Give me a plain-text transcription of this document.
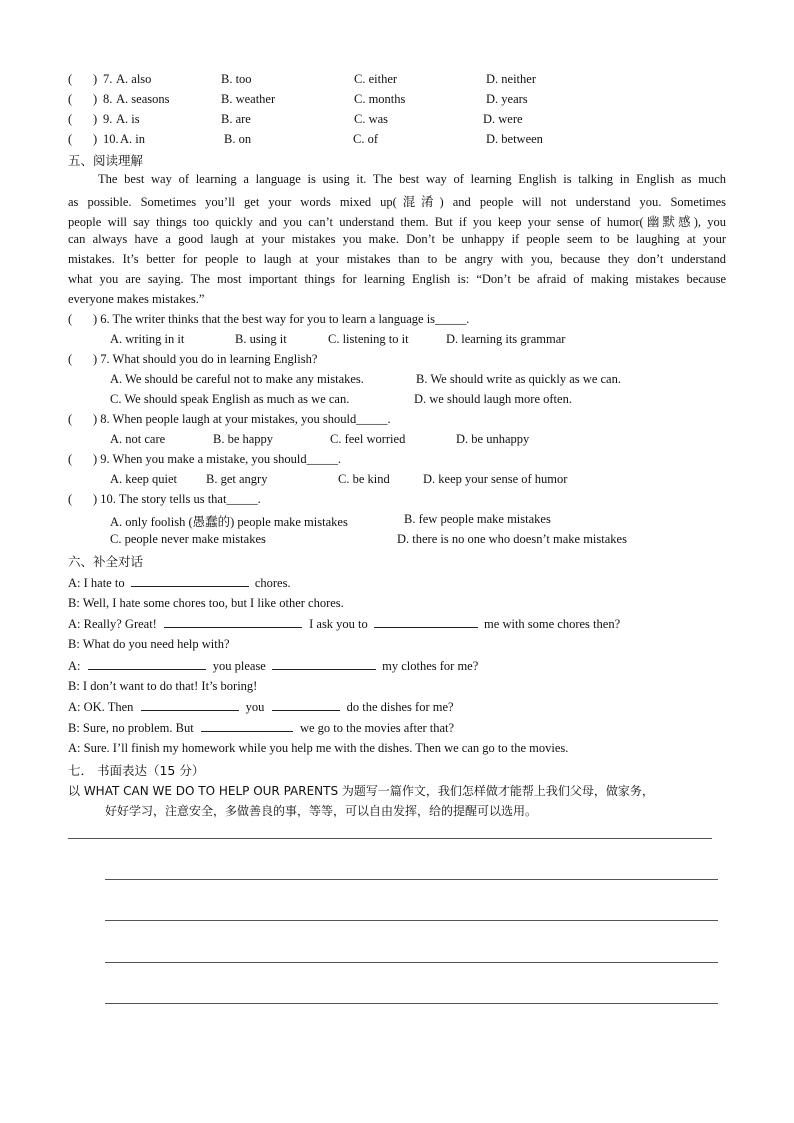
( ) 7. A. also	B. too	C. either	D. neither
( ) 8. A. seasons	B. weather	C. months	D. years
( ) 9. A. is	B. are	C. was	D. were
( ) 10. A. in	B. on	C. of	D. between
五、阅读理解
The best way of learning a language is using it. The best way of learning English is talking in English as much
as possible. Sometimes you’ll get your words mixed up(混淆) and people will not understand you. Sometimes
people will say things too quickly and you can’t understand them. But if you keep your sense of humor(幽默感), you
can always have a good laugh at your mistakes you make. Don’t be unhappy if people seem to be laughing at your
mistakes. It’s better for people to laugh at your mistakes than to be angry with you, because they don’t understand
what you are saying. The most important things for learning English is: “Don’t be afraid of making mistakes because
everyone makes mistakes.”
( ) 6. The writer thinks that the best way for you to learn a language is_____.
A. writing in it	B. using it	C. listening to it	D. learning its grammar
( ) 7. What should you do in learning English?
A. We should be careful not to make any mistakes.	B. We should write as quickly as we can.
C. We should speak English as much as we can.	D. we should laugh more often.
( ) 8. When people laugh at your mistakes, you should_____.
A. not care	B. be happy	C. feel worried	D. be unhappy
( ) 9. When you make a mistake, you should_____.
A. keep quiet B. get angry	C. be kind	D. keep your sense of humor
( ) 10. The story tells us that_____.
A. only foolish (愚蠢的) people make mistakes	B. few people make mistakes
C. people never make mistakes	D. there is no one who doesn’t make mistakes
六、补全对话
A: I hate to	chores.
B: Well, I hate some chores too, but I like other chores.
A: Really? Great!	I ask you to	me with some chores then?
B: What do you need help with?
A:	you please	my clothes for me?
B: I don’t want to do that! It’s boring!
A: OK. Then	you	do the dishes for me?
B: Sure, no problem. But	we go to the movies after that?
A: Sure. I’ll finish my homework while you help me with the dishes. Then we can go to the movies.
七． 书面表达（15 分）
以 WHAT CAN WE DO TO HELP OUR PARENTS 为题写一篇作文，我们怎样做才能帮上我们父母，做家务，
好好学习，注意安全，多做善良的事，等等，可以自由发挥，给的提醒可以选用。
